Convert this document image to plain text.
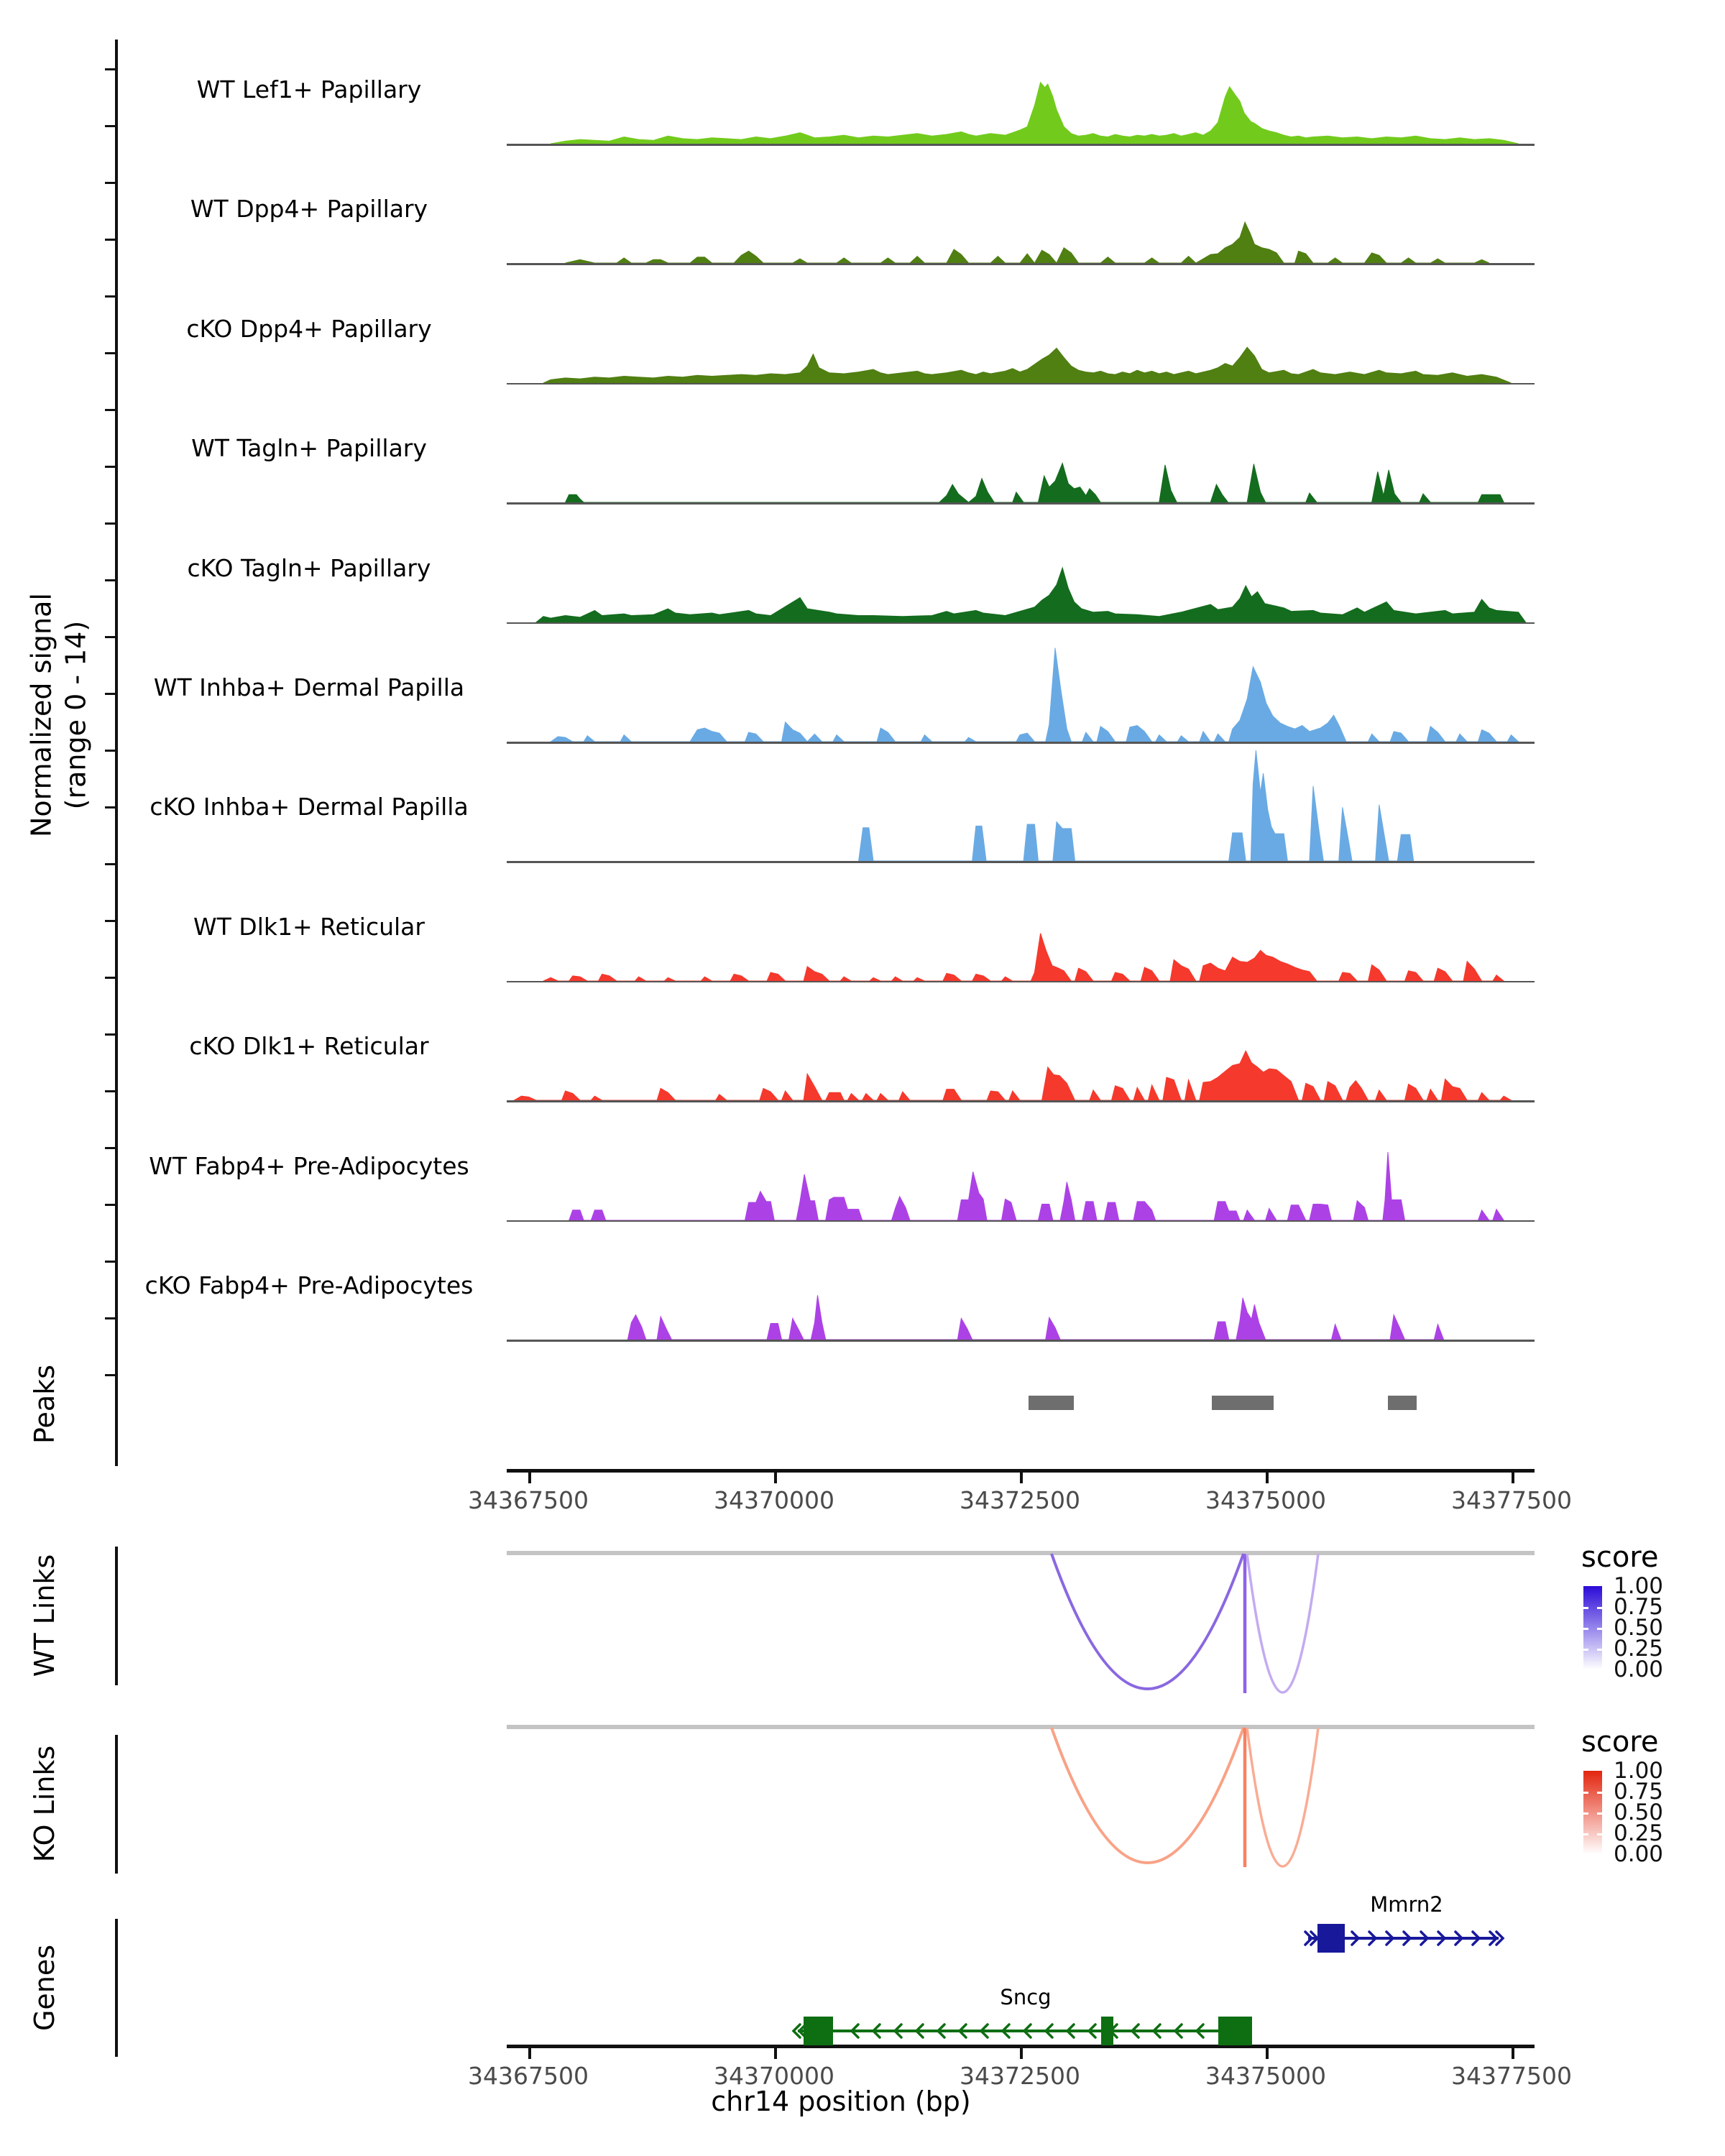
Normalized signal (range 0 - 14)
Peaks
WT Links
KO Links
Genes
score
score
Mmrn2
Sncg
chr14 position (bp)
WT Lef1+ Papillary
WT Dpp4+ Papillary
cKO Dpp4+ Papillary
WT Tagln+ Papillary
cKO Tagln+ Papillary
WT Inhba+ Dermal Papilla
cKO Inhba+ Dermal Papilla
WT Dlk1+ Reticular
cKO Dlk1+ Reticular
WT Fabp4+ Pre-Adipocytes
cKO Fabp4+ Pre-Adipocytes
34367500	34370000	34372500	34375000	34377500
34367500	34370000	34372500	34375000	34377500
1.00
0.75
0.50
0.25
0.00
1.00
0.75
0.50
0.25
0.00
